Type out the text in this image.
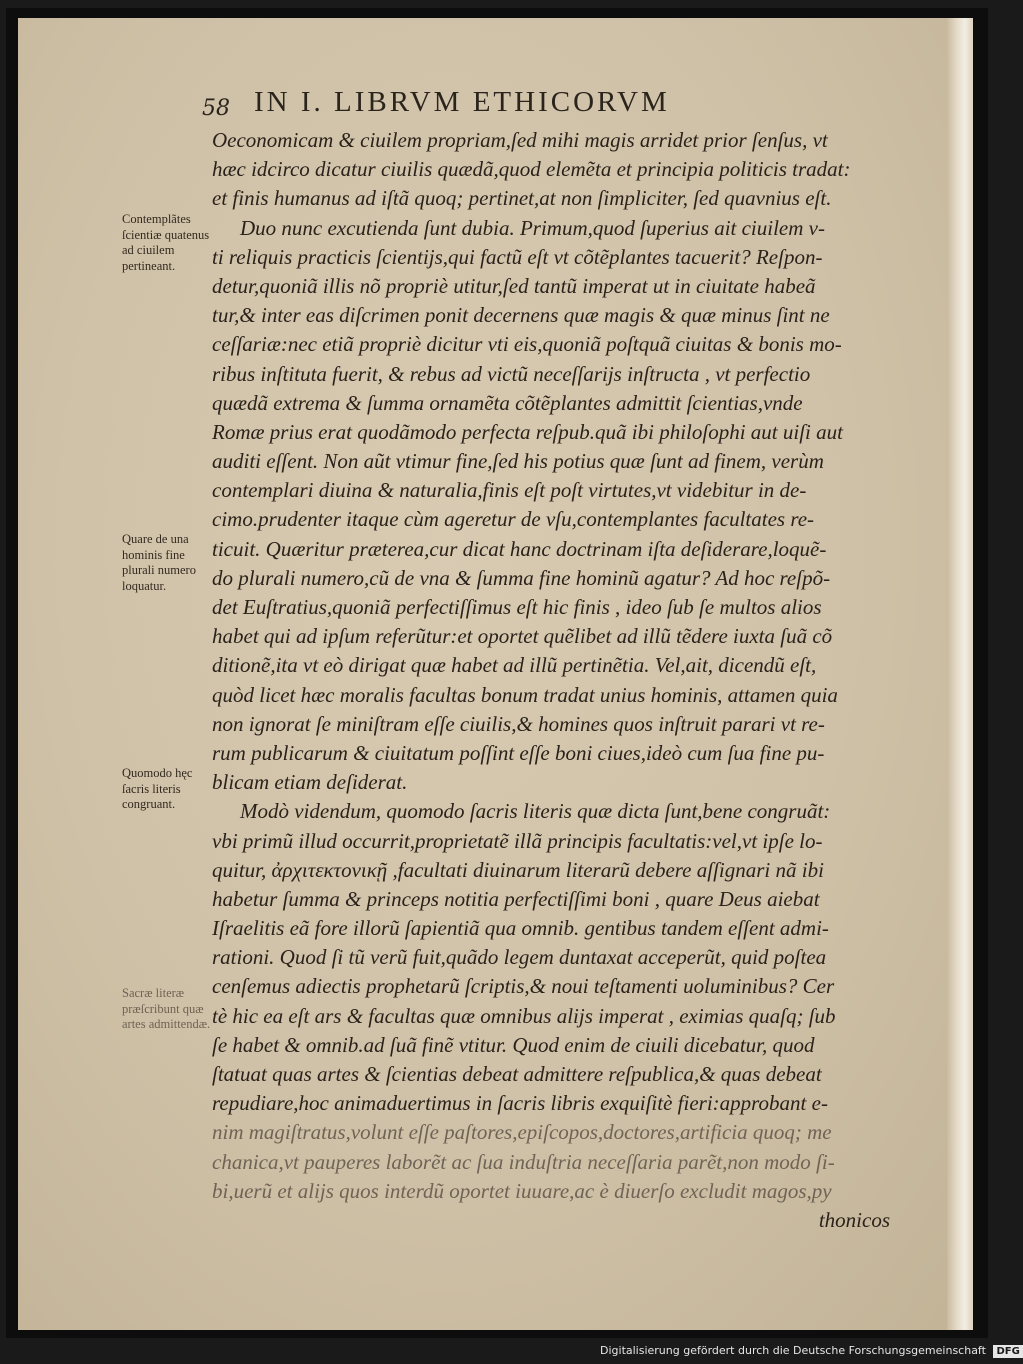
58 IN I. LIBRVM ETHICORVM
Contemplãtes ſcientiæ quatenus ad ciuilem pertineant.
Quare de una hominis fine plurali numero loquatur.
Quomodo hęc ſacris literis congruant.
Sacræ literæ præſcribunt quæ artes admittendæ.
Oeconomicam & ciuilem propriam,ſed mihi magis arridet prior ſenſus, vt
hæc idcirco dicatur ciuilis quædã,quod elemẽta et principia politicis tradat:
et finis humanus ad iſtã quoq; pertinet,at non ſimpliciter, ſed quavnius eſt.
Duo nunc excutienda ſunt dubia. Primum,quod ſuperius ait ciuilem v-
ti reliquis practicis ſcientijs,qui factũ eſt vt cõtẽplantes tacuerit? Reſpon-
detur,quoniã illis nõ propriè utitur,ſed tantũ imperat ut in ciuitate habeã
tur,& inter eas diſcrimen ponit decernens quæ magis & quæ minus ſint ne
ceſſariæ:nec etiã propriè dicitur vti eis,quoniã poſtquã ciuitas & bonis mo-
ribus inſtituta fuerit, & rebus ad victũ neceſſarijs inſtructa , vt perfectio
quædã extrema & ſumma ornamẽta cõtẽplantes admittit ſcientias,vnde
Romæ prius erat quodãmodo perfecta reſpub.quã ibi philoſophi aut uiſi aut
auditi eſſent. Non aũt vtimur fine,ſed his potius quæ ſunt ad finem, verùm
contemplari diuina & naturalia,finis eſt poſt virtutes,vt videbitur in de-
cimo.prudenter itaque cùm ageretur de vſu,contemplantes facultates re-
ticuit. Quæritur præterea,cur dicat hanc doctrinam iſta deſiderare,loquẽ-
do plurali numero,cũ de vna & ſumma fine hominũ agatur? Ad hoc reſpõ-
det Euſtratius,quoniã perfectiſſimus eſt hic finis , ideo ſub ſe multos alios
habet qui ad ipſum referũtur:et oportet quẽlibet ad illũ tẽdere iuxta ſuã cõ
ditionẽ,ita vt eò dirigat quæ habet ad illũ pertinẽtia. Vel,ait, dicendũ eſt,
quòd licet hæc moralis facultas bonum tradat unius hominis, attamen quia
non ignorat ſe miniſtram eſſe ciuilis,& homines quos inſtruit parari vt re-
rum publicarum & ciuitatum poſſint eſſe boni ciues,ideò cum ſua fine pu-
blicam etiam deſiderat.
Modò videndum, quomodo ſacris literis quæ dicta ſunt,bene congruãt:
vbi primũ illud occurrit,proprietatẽ illã principis facultatis:vel,vt ipſe lo-
quitur, ἀρχιτεκτονικῇ ,facultati diuinarum literarũ debere aſſignari nã ibi
habetur ſumma & princeps notitia perfectiſſimi boni , quare Deus aiebat
Iſraelitis eã fore illorũ ſapientiã qua omnib. gentibus tandem eſſent admi-
rationi. Quod ſi tũ verũ fuit,quãdo legem duntaxat acceperũt, quid poſtea
cenſemus adiectis prophetarũ ſcriptis,& noui teſtamenti uoluminibus? Cer
tè hic ea eſt ars & facultas quæ omnibus alijs imperat , eximias quaſq; ſub
ſe habet & omnib.ad ſuã finẽ vtitur. Quod enim de ciuili dicebatur, quod
ſtatuat quas artes & ſcientias debeat admittere reſpublica,& quas debeat
repudiare,hoc animaduertimus in ſacris libris exquiſitè fieri:approbant e-
nim magiſtratus,volunt eſſe paſtores,epiſcopos,doctores,artificia quoq; me
chanica,vt pauperes laborẽt ac ſua induſtria neceſſaria parẽt,non modo ſi-
bi,uerũ et alijs quos interdũ oportet iuuare,ac è diuerſo excludit magos,py
thonicos
Digitalisierung gefördert durch die Deutsche Forschungsgemeinschaft DFG
